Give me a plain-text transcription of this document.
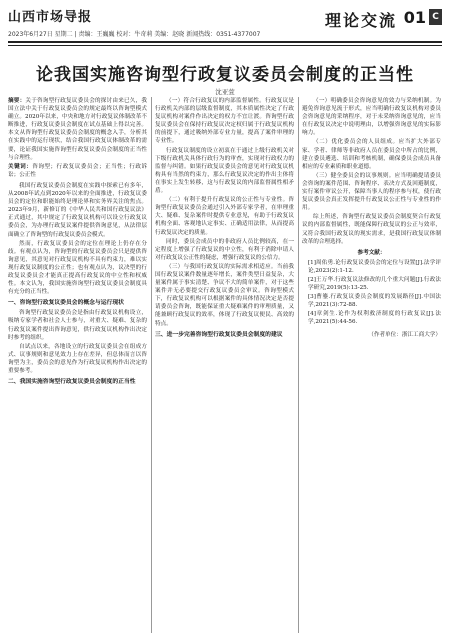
山西市场导报
2023年6月27日 星期二 | 责编：王巍巍 校对：牛奇莉 美编：赵晓 新闻热线：0351-4377007
理论交流 01 C
论我国实施咨询型行政复议委员会制度的正当性
沈亚萱

摘要：关于咨询型行政复议委员会的探讨由来已久，我国立法中关于行政复议委员会的规定最终以咨询型模式确立。2020年以来，中央和地方对行政复议体制改革不断推进，行政复议委员会制度在试点基础上得以完善。本文从咨询型行政复议委员会制度的概念入手，分析其在实践中的运行现状，结合我国行政复议体制改革的需要，论证我国实施咨询型行政复议委员会制度的正当性与合理性。

关键词：咨询型；行政复议委员会；正当性；行政诉讼；公正性

我国行政复议委员会制度在实践中探索已有多年，从2008年试点到2020年以来的全面推进，行政复议委员会的定位和职能始终是理论界和实务界关注的焦点。2023年9月，新修订的《中华人民共和国行政复议法》正式通过，其中规定了行政复议机构可以设立行政复议委员会，为办理行政复议案件提供咨询意见，从法律层面确立了咨询型的行政复议委员会模式。

然而，行政复议委员会的定位在理论上仍存在分歧。有观点认为，咨询型的行政复议委员会只是提供咨询意见，其意见对行政复议机构不具有约束力，难以实现行政复议制度的公正性；也有观点认为，议决型的行政复议委员会才能真正提高行政复议的中立性和权威性。本文认为，我国实施咨询型行政复议委员会制度具有充分的正当性。

一、咨询型行政复议委员会的概念与运行现状

咨询型行政复议委员会是指由行政复议机构设立，吸纳专家学者和社会人士参与，对重大、疑难、复杂的行政复议案件提出咨询意见，供行政复议机构作出决定时参考的组织。

自试点以来，各地设立的行政复议委员会在组成方式、议事规则和意见效力上存在差异，但总体而言以咨询型为主，委员会的意见作为行政复议机构作出决定的重要参考。

二、我国实施咨询型行政复议委员会制度的正当性

（一）符合行政复议的内部监督属性。行政复议是行政机关内部的层级监督制度，其本质属性决定了行政复议机构对案件作出决定的权力不宜让渡。咨询型行政复议委员会在保持行政复议决定权归属于行政复议机构的前提下，通过吸纳外部专业力量，提高了案件审理的专业性。

行政复议制度的设立初衷在于通过上级行政机关对下级行政机关具体行政行为的审查，实现对行政权力的监督与纠错。如果行政复议委员会的意见对行政复议机构具有当然的约束力，那么行政复议决定的作出主体将在事实上发生转移，这与行政复议的内部监督属性相矛盾。

（二）有利于提升行政复议的公正性与专业性。咨询型行政复议委员会通过引入外部专家学者，在审理重大、疑难、复杂案件时提供专业意见，有助于行政复议机构全面、客观地认定事实、正确适用法律，从而提高行政复议决定的质量。

同时，委员会成员中的非政府人员比例较高，在一定程度上增强了行政复议的中立性，有利于消除申请人对行政复议公正性的疑虑，增强行政复议的公信力。

（三）与我国行政复议的实际需求相适应。当前我国行政复议案件数量逐年增长，案件类型日益复杂，大量案件属于事实清楚、争议不大的简单案件，对于这些案件并无必要提交行政复议委员会审议。咨询型模式下，行政复议机构可以根据案件的具体情况决定是否提请委员会咨询，既能保证重大疑难案件的审理质量，又能兼顾行政复议的效率，体现了行政复议便民、高效的特点。

三、进一步完善咨询型行政复议委员会制度的建议

（一）明确委员会咨询意见的效力与采纳机制。为避免咨询意见流于形式，应当明确行政复议机构对委员会咨询意见的采纳程序，对于未采纳咨询意见的，应当在行政复议决定中说明理由，以增强咨询意见的实际影响力。

（二）优化委员会的人员组成。应当扩大外部专家、学者、律师等非政府人员在委员会中所占的比例，建立委员遴选、培训和考核机制，确保委员会成员具备相应的专业素质和职业道德。

（三）健全委员会的议事规则。应当明确提请委员会咨询的案件范围、咨询程序、表决方式及回避制度，实行案件审议公开，保障当事人的程序参与权，使行政复议委员会真正发挥提升行政复议公正性与专业性的作用。

综上所述，咨询型行政复议委员会制度契合行政复议的内部监督属性，既能保障行政复议的公正与效率，又符合我国行政复议的现实需求，是我国行政复议体制改革的合理选择。

参考文献：

[1]周佑勇.论行政复议委员会的定位与设置[J].法学评论,2023(2):1-12.

[2]王万华.行政复议法修改的几个重大问题[J].行政法学研究,2019(5):13-25.

[3]曹鎏.行政复议委员会制度的发展路径[J].中国法学,2021(3):72-88.

[4]章剑生.论作为权利救济制度的行政复议[J].法学,2021(5):44-56.

（作者单位：浙江工商大学）
